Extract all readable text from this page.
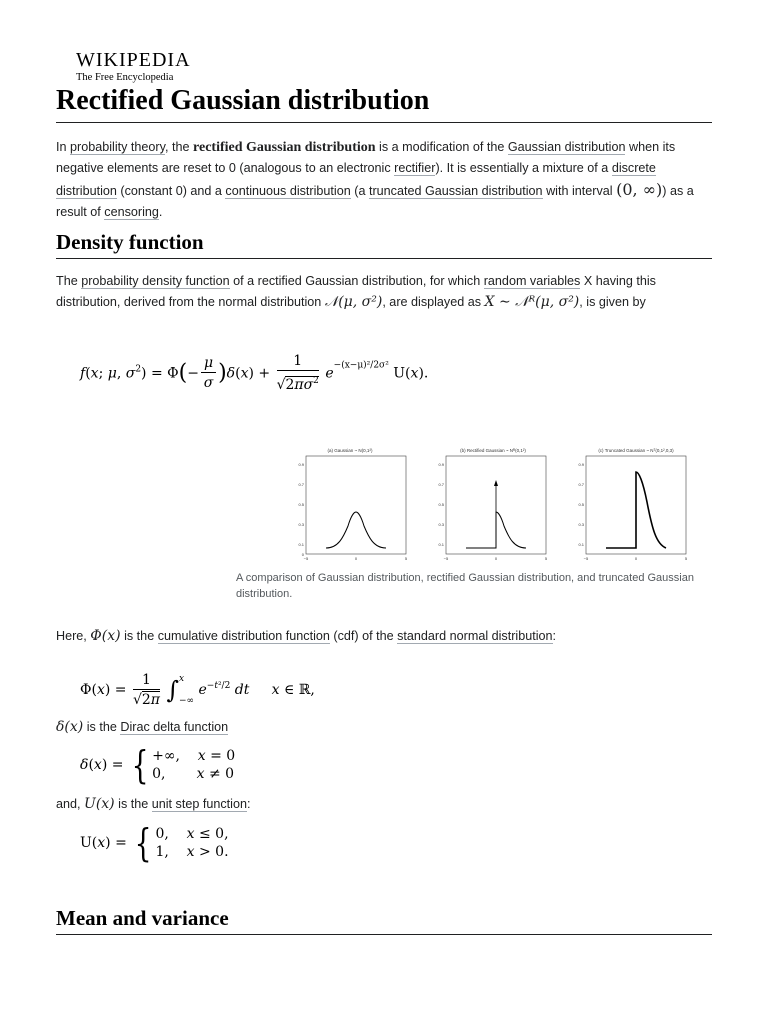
WIKIPEDIA
The Free Encyclopedia
Rectified Gaussian distribution

In probability theory, the rectified Gaussian distribution is a modification of the Gaussian distribution when its negative elements are reset to 0 (analogous to an electronic rectifier). It is essentially a mixture of a discrete distribution (constant 0) and a continuous distribution (a truncated Gaussian distribution with interval (0, ∞)) as a result of censoring.

Density function

The probability density function of a rectified Gaussian distribution, for which random variables X having this distribution, derived from the normal distribution 𝒩(μ, σ²), are displayed as X ∼ 𝒩ᴿ(μ, σ²), is given by

f(x; μ, $\sigma^2) = \Phi(- \frac{\mu}{\sigma} )\delta(x) + \frac{1}{√2\pi\sigma^2} e^{-(x-\mu)^2/2\sigma^2}$ U(x).
(a) Gaussian ~ N(0,1²)
0.9
0.7
0.5
0.3
0.1
0
−5	0	5
(b) Rectified Gaussian ~ Nᴿ(0,1²)
0.9
0.7
0.5
0.3
0.1
−5	0	5
(c) Truncated Gaussian ~ Nᵀ(0,1²,0,3)
0.9
0.7
0.5
0.3
0.1
−5	0	5
A comparison of Gaussian distribution, rectified Gaussian distribution, and truncated Gaussian distribution.

Here, Φ(x) is the cumulative distribution function (cdf) of the standard normal distribution:

$\Phi(x) = \frac{1}{√2\pi}$ ∫ x
−∞
$e^{-t^2/2}$ dt x ∈ ℝ,

δ(x) is the Dirac delta function

δ(x) = { +∞,    x = 0
0,       x ≠ 0

and, U(x) is the unit step function:

U(x) = { 0,    x ≤ 0,
1,    x > 0.
Mean and variance
